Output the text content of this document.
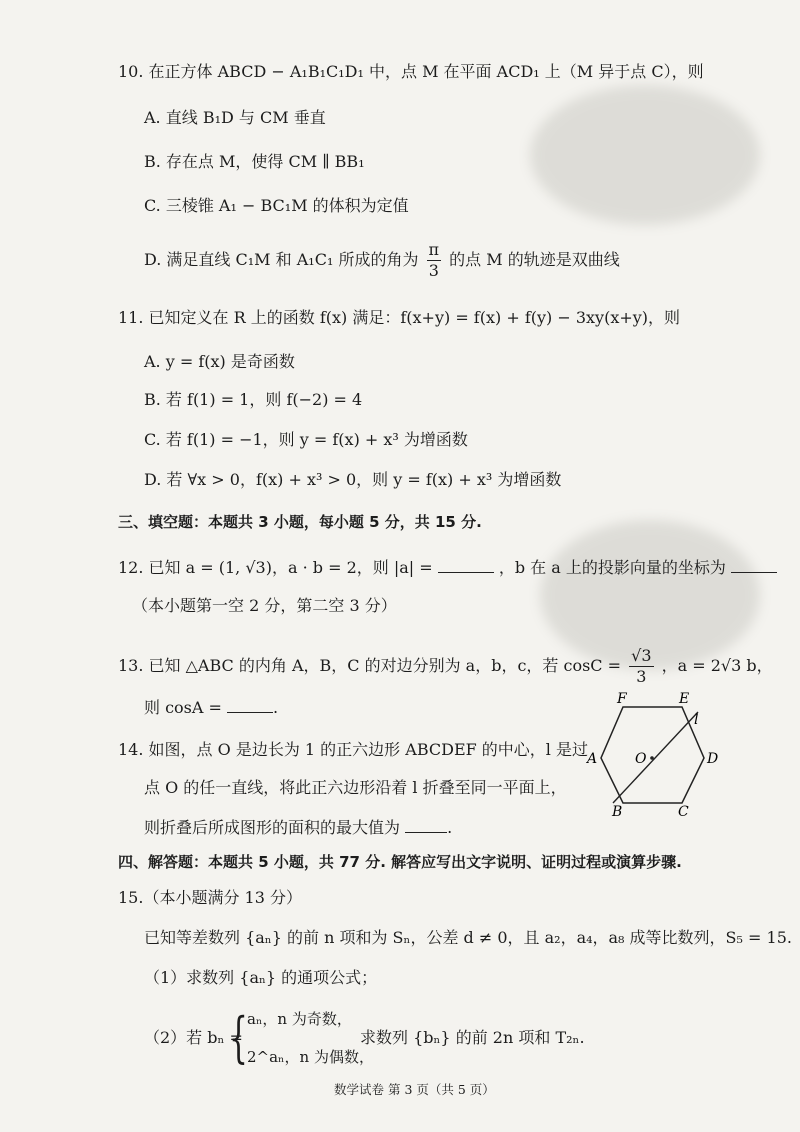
10. 在正方体 ABCD − A₁B₁C₁D₁ 中，点 M 在平面 ACD₁ 上（M 异于点 C），则
A. 直线 B₁D 与 CM 垂直
B. 存在点 M，使得 CM ∥ BB₁
C. 三棱锥 A₁ − BC₁M 的体积为定值
D. 满足直线 C₁M 和 A₁C₁ 所成的角为 $\frac{\pi}{3}$ 的点 M 的轨迹是双曲线
11. 已知定义在 R 上的函数 f(x) 满足：f(x+y) = f(x) + f(y) − 3xy(x+y)，则
A. y = f(x) 是奇函数
B. 若 f(1) = 1，则 f(−2) = 4
C. 若 f(1) = −1，则 y = f(x) + x³ 为增函数
D. 若 ∀x > 0，f(x) + x³ > 0，则 y = f(x) + x³ 为增函数
三、填空题：本题共 3 小题，每小题 5 分，共 15 分.
12. 已知 a = (1, √3)，a · b = 2，则 |a| =	，b 在 a 上的投影向量的坐标为
（本小题第一空 2 分，第二空 3 分）
13. 已知 △ABC 的内角 A，B，C 的对边分别为 a，b，c，若 $\cos C = \frac{√3}{3}$ ，a = 2√3 b，
则 cosA =	.
14. 如图，点 O 是边长为 1 的正六边形 ABCDEF 的中心，l 是过
点 O 的任一直线，将此正六边形沿着 l 折叠至同一平面上，
则折叠后所成图形的面积的最大值为	.
F	E
l
A	O	D
B	C
四、解答题：本题共 5 小题，共 77 分. 解答应写出文字说明、证明过程或演算步骤.
15.（本小题满分 13 分）
已知等差数列 {aₙ} 的前 n 项和为 Sₙ，公差 d ≠ 0，且 a₂，a₄，a₈ 成等比数列，S₅ = 15.
（1）求数列 {aₙ} 的通项公式；
（2）若 bₙ =
{ aₙ，n 为奇数，
2^aₙ，n 为偶数，
求数列 {bₙ} 的前 2n 项和 T₂ₙ.
数学试卷 第 3 页（共 5 页）
